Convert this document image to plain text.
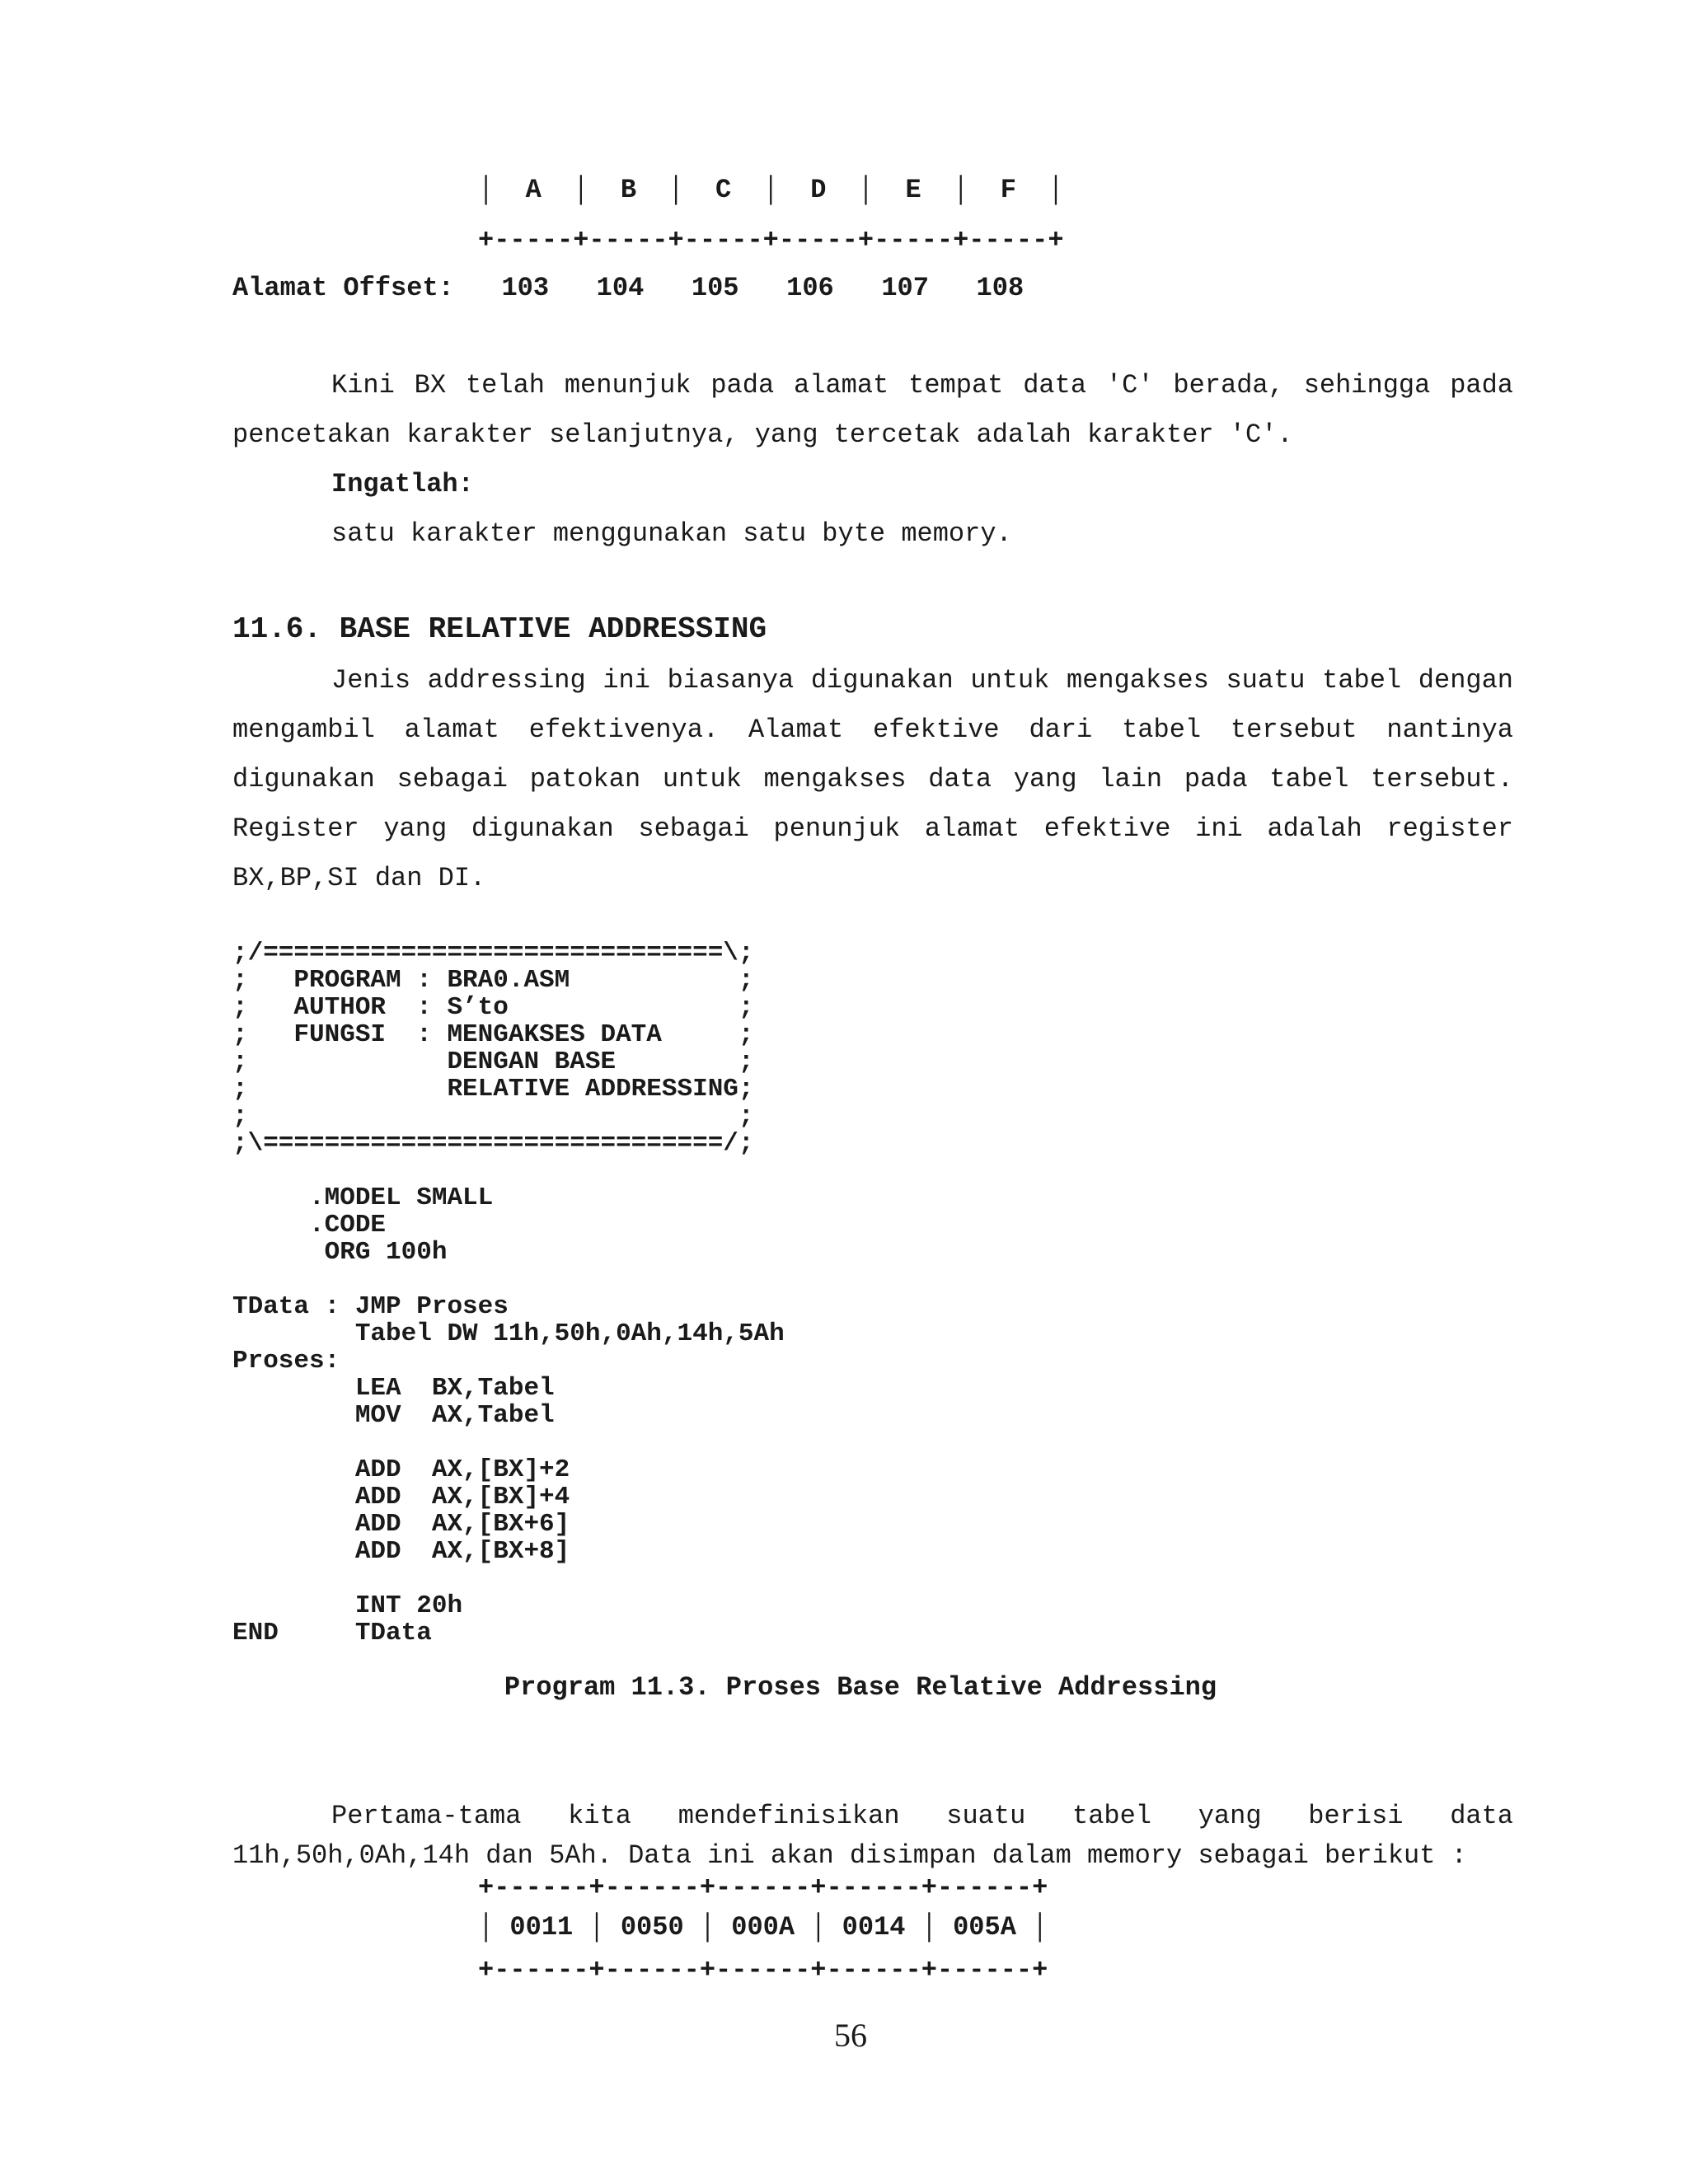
│  A  │  B  │  C  │  D  │  E  │  F  │

+-----+-----+-----+-----+-----+-----+

Alamat Offset:   103   104   105   106   107   108

Kini BX telah menunjuk pada alamat tempat data 'C' berada, sehingga pada pencetakan karakter selanjutnya, yang tercetak adalah karakter 'C'.

Ingatlah:

satu karakter menggunakan satu byte memory.

11.6. BASE RELATIVE ADDRESSING

Jenis addressing ini biasanya digunakan untuk mengakses suatu tabel dengan mengambil alamat efektivenya. Alamat efektive dari tabel tersebut nantinya digunakan sebagai patokan untuk mengakses data yang lain pada tabel tersebut. Register yang digunakan sebagai penunjuk alamat efektive ini adalah register BX,BP,SI dan DI.

;/==============================\;
;   PROGRAM : BRA0.ASM           ;
;   AUTHOR  : S’to               ;
;   FUNGSI  : MENGAKSES DATA     ;
;             DENGAN BASE        ;
;             RELATIVE ADDRESSING;
;                                ;
;\==============================/;

.MODEL SMALL
.CODE
ORG 100h

TData : JMP Proses
Tabel DW 11h,50h,0Ah,14h,5Ah
Proses:
LEA  BX,Tabel
MOV  AX,Tabel

ADD  AX,[BX]+2
ADD  AX,[BX]+4
ADD  AX,[BX+6]
ADD  AX,[BX+8]

INT 20h
END     TData

Program 11.3. Proses Base Relative Addressing

Pertama-tama kita mendefinisikan suatu tabel yang berisi data 11h,50h,0Ah,14h dan 5Ah. Data ini akan disimpan dalam memory sebagai berikut :

+------+------+------+------+------+

│ 0011 │ 0050 │ 000A │ 0014 │ 005A │

+------+------+------+------+------+

56
